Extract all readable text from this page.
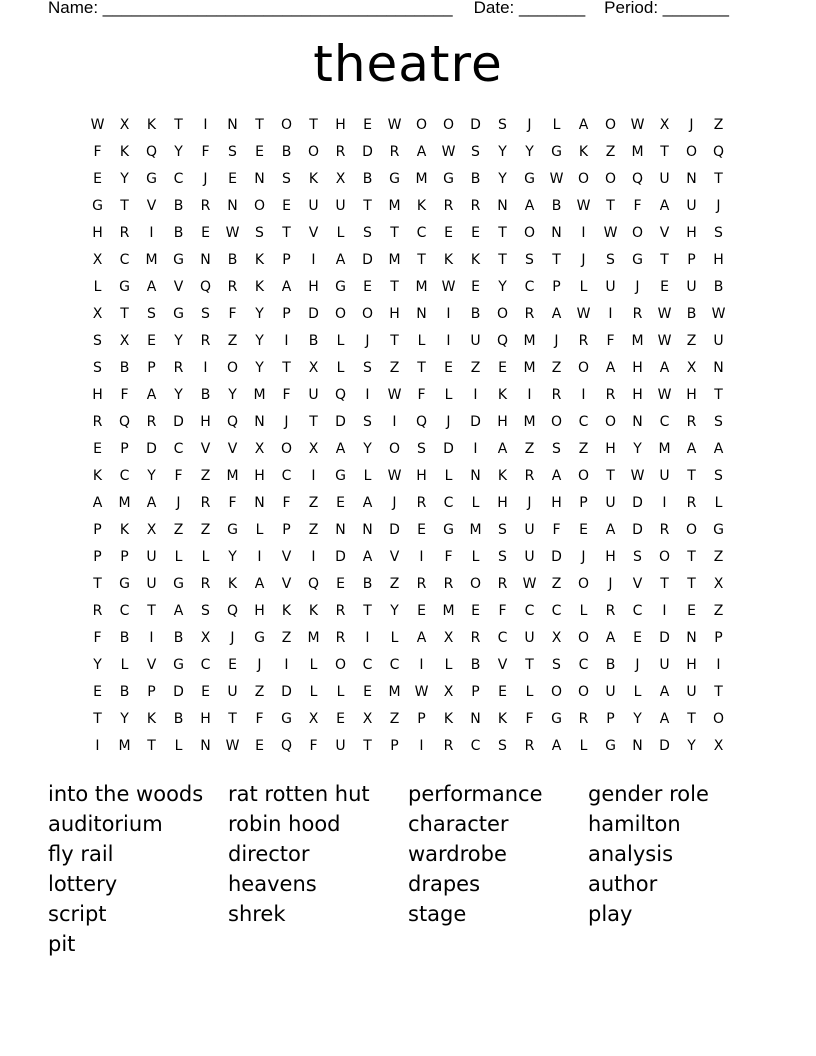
Name: _____________________________________ Date: _______ Period: _______
theatre
W	X	K	T	I	N	T	O	T	H	E	W	O	O	D	S	J	L	A	O	W	X	J	Z
F	K	Q	Y	F	S	E	B	O	R	D	R	A	W	S	Y	Y	G	K	Z	M	T	O	Q
E	Y	G	C	J	E	N	S	K	X	B	G	M	G	B	Y	G	W	O	O	Q	U	N	T
G	T	V	B	R	N	O	E	U	U	T	M	K	R	R	N	A	B	W	T	F	A	U	J
H	R	I	B	E	W	S	T	V	L	S	T	C	E	E	T	O	N	I	W	O	V	H	S
X	C	M	G	N	B	K	P	I	A	D	M	T	K	K	T	S	T	J	S	G	T	P	H
L	G	A	V	Q	R	K	A	H	G	E	T	M	W	E	Y	C	P	L	U	J	E	U	B
X	T	S	G	S	F	Y	P	D	O	O	H	N	I	B	O	R	A	W	I	R	W	B	W
S	X	E	Y	R	Z	Y	I	B	L	J	T	L	I	U	Q	M	J	R	F	M	W	Z	U
S	B	P	R	I	O	Y	T	X	L	S	Z	T	E	Z	E	M	Z	O	A	H	A	X	N
H	F	A	Y	B	Y	M	F	U	Q	I	W	F	L	I	K	I	R	I	R	H	W	H	T
R	Q	R	D	H	Q	N	J	T	D	S	I	Q	J	D	H	M	O	C	O	N	C	R	S
E	P	D	C	V	V	X	O	X	A	Y	O	S	D	I	A	Z	S	Z	H	Y	M	A	A
K	C	Y	F	Z	M	H	C	I	G	L	W	H	L	N	K	R	A	O	T	W	U	T	S
A	M	A	J	R	F	N	F	Z	E	A	J	R	C	L	H	J	H	P	U	D	I	R	L
P	K	X	Z	Z	G	L	P	Z	N	N	D	E	G	M	S	U	F	E	A	D	R	O	G
P	P	U	L	L	Y	I	V	I	D	A	V	I	F	L	S	U	D	J	H	S	O	T	Z
T	G	U	G	R	K	A	V	Q	E	B	Z	R	R	O	R	W	Z	O	J	V	T	T	X
R	C	T	A	S	Q	H	K	K	R	T	Y	E	M	E	F	C	C	L	R	C	I	E	Z
F	B	I	B	X	J	G	Z	M	R	I	L	A	X	R	C	U	X	O	A	E	D	N	P
Y	L	V	G	C	E	J	I	L	O	C	C	I	L	B	V	T	S	C	B	J	U	H	I
E	B	P	D	E	U	Z	D	L	L	E	M	W	X	P	E	L	O	O	U	L	A	U	T
T	Y	K	B	H	T	F	G	X	E	X	Z	P	K	N	K	F	G	R	P	Y	A	T	O
I	M	T	L	N	W	E	Q	F	U	T	P	I	R	C	S	R	A	L	G	N	D	Y	X
into the woods	rat rotten hut	performance	gender role
auditorium	robin hood	character	hamilton
fly rail	director	wardrobe	analysis
lottery	heavens	drapes	author
script	shrek	stage	play
pit
